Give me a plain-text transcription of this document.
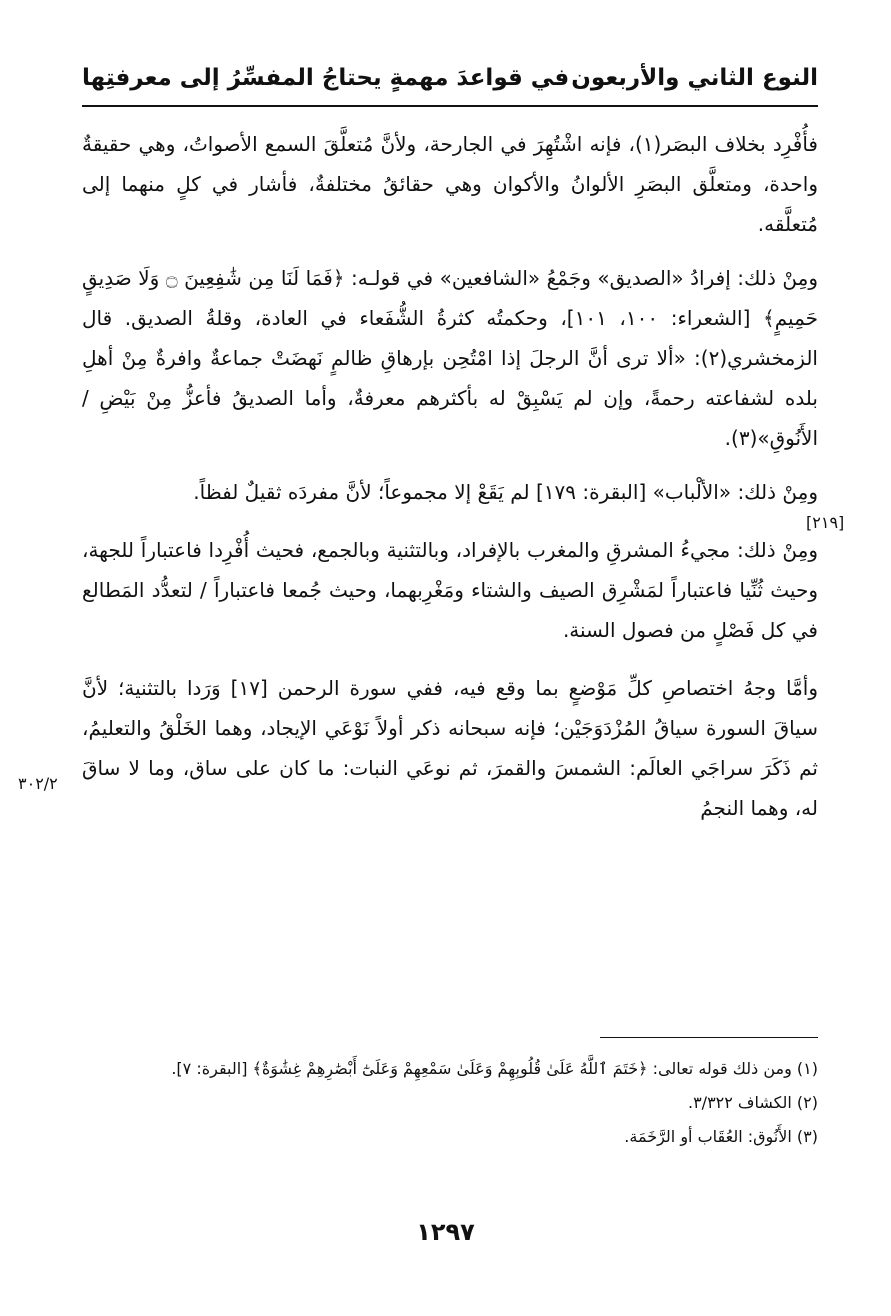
النوع الثاني والأربعون
في قواعدَ مهمةٍ يحتاجُ المفسِّرُ إلى معرفتِها

فأُفْرِد بخلاف البصَر(١)، فإنه اشْتُهِرَ في الجارحة، ولأنَّ مُتعلَّقَ السمع الأصواتُ، وهي حقيقةٌ واحدة، ومتعلَّق البصَرِ الألوانُ والأكوان وهي حقائقُ مختلفةٌ، فأشار في كلٍ منهما إلى مُتعلَّقه.

ومِنْ ذلك: إفرادُ «الصديق» وجَمْعُ «الشافعين» في قولـه: ﴿فَمَا لَنَا مِن شَٰفِعِينَ ۝ وَلَا صَدِيقٍ حَمِيمٍ﴾ [الشعراء: ١٠٠، ١٠١]، وحكمتُه كثرةُ الشُّفَعاء في العادة، وقلةُ الصديق. قال الزمخشري(٢): «ألا ترى أنَّ الرجلَ إذا امْتُحِن بإرهاقِ ظالمٍ نَهضَتْ جماعةٌ وافرةٌ مِنْ أهلِ بلده لشفاعته رحمةً، وإن لم يَسْبِقْ له بأكثرهم معرفةٌ، وأما الصديقُ فأعزُّ مِنْ بَيْضِ / الأَنُوقِ»(٣).

ومِنْ ذلك: «الألْباب» [البقرة: ١٧٩] لم يَقَعْ إلا مجموعاً؛ لأنَّ مفردَه ثقيلٌ لفظاً.

ومِنْ ذلك: مجيءُ المشرقِ والمغرب بالإفراد، وبالتثنية وبالجمع، فحيث أُفْرِدا فاعتباراً للجهة، وحيث ثُنِّيا فاعتباراً لمَشْرِق الصيف والشتاء ومَغْرِبهما، وحيث جُمعا فاعتباراً / لتعدُّد المَطالع في كل فَصْلٍ من فصول السنة.

وأمَّا وجهُ اختصاصِ كلِّ مَوْضعٍ بما وقع فيه، ففي سورة الرحمن [١٧] وَرَدا بالتثنية؛ لأنَّ سياقَ السورة سياقُ المُزْدَوَجَيْن؛ فإنه سبحانه ذكر أولاً نَوْعَي الإيجاد، وهما الخَلْقُ والتعليمُ، ثم ذَكَرَ سراجَي العالَم: الشمسَ والقمرَ، ثم نوعَي النبات: ما كان على ساق، وما لا ساقَ له، وهما النجمُ

[٢١٩]
٣٠٢/٢
(١) ومن ذلك قوله تعالى: ﴿خَتَمَ ٱللَّهُ عَلَىٰ قُلُوبِهِمْ وَعَلَىٰ سَمْعِهِمْ وَعَلَىٰٓ أَبْصَٰرِهِمْ غِشَٰوَةٌ﴾ [البقرة: ٧].
(٢) الكشاف ٣/٣٢٢.
(٣) الأَنُوق: العُقَاب أو الرَّخَمَة.
١٢٩٧
